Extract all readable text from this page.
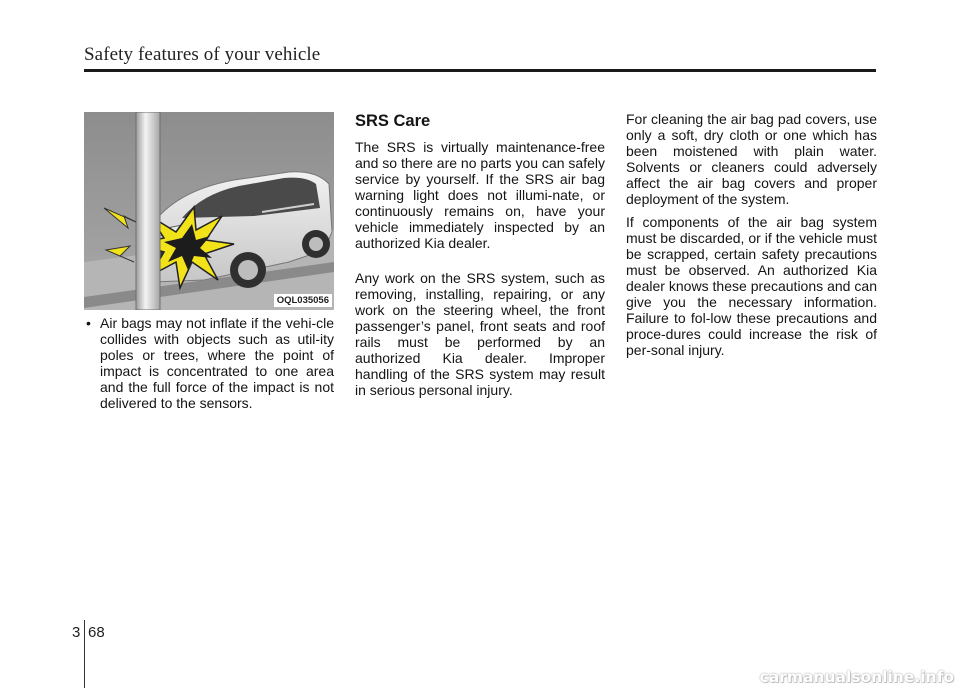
Safety features of your vehicle
OQL035056

• Air bags may not inflate if the vehi-cle collides with objects such as util-ity poles or trees, where the point of impact is concentrated to one area and the full force of the impact is not delivered to the sensors.

SRS Care

The SRS is virtually maintenance-free and so there are no parts you can safely service by yourself. If the SRS air bag warning light does not illumi-nate, or continuously remains on, have your vehicle immediately inspected by an authorized Kia dealer.

Any work on the SRS system, such as removing, installing, repairing, or any work on the steering wheel, the front passenger’s panel, front seats and roof rails must be performed by an authorized Kia dealer. Improper handling of the SRS system may result in serious personal injury.

For cleaning the air bag pad covers, use only a soft, dry cloth or one which has been moistened with plain water. Solvents or cleaners could adversely affect the air bag covers and proper deployment of the system.

If components of the air bag system must be discarded, or if the vehicle must be scrapped, certain safety precautions must be observed. An authorized Kia dealer knows these precautions and can give you the necessary information. Failure to fol-low these precautions and proce-dures could increase the risk of per-sonal injury.

3 68
carmanualsonline.info
